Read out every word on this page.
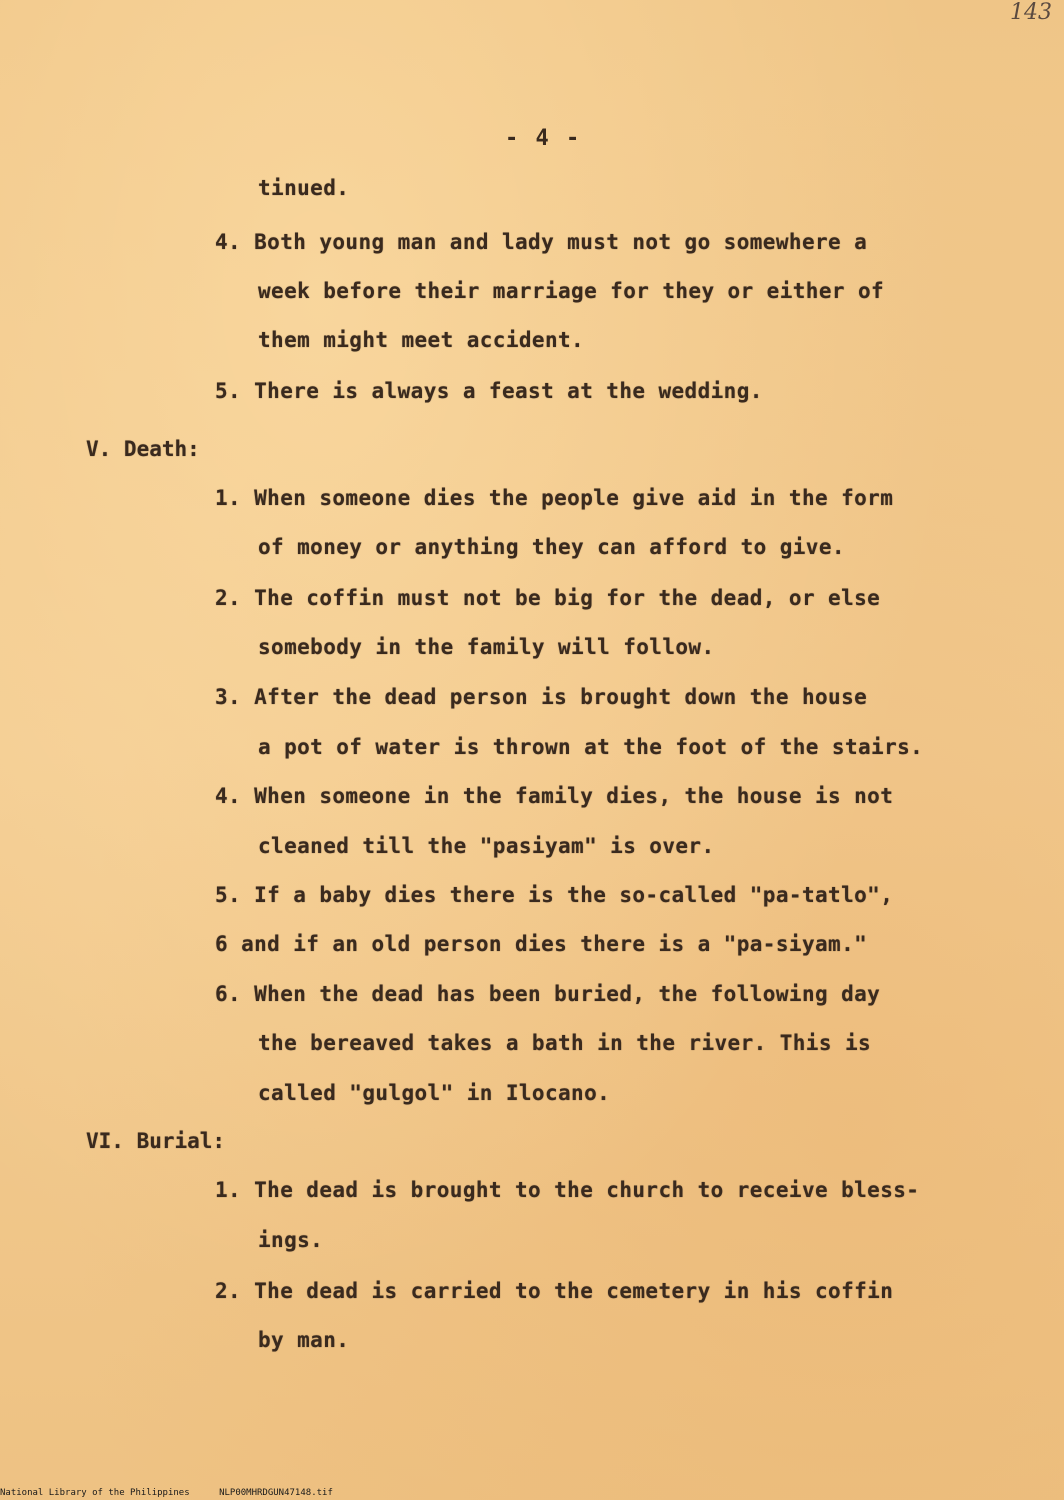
143
- 4 -
tinued.
4. Both young man and lady must not go somewhere a
week before their marriage for they or either of
them might meet accident.
5. There is always a feast at the wedding.
V. Death:
1. When someone dies the people give aid in the form
of money or anything they can afford to give.
2. The coffin must not be big for the dead, or else
somebody in the family will follow.
3. After the dead person is brought down the house
a pot of water is thrown at the foot of the stairs.
4. When someone in the family dies, the house is not
cleaned till the "pasiyam" is over.
5. If a baby dies there is the so-called "pa-tatlo",
6 and if an old person dies there is a "pa-siyam."
6. When the dead has been buried, the following day
the bereaved takes a bath in the river. This is
called "gulgol" in Ilocano.
VI. Burial:
1. The dead is brought to the church to receive bless-
ings.
2. The dead is carried to the cemetery in his coffin
by man.
National Library of the Philippines	NLP00MHRDGUN47148.tif
